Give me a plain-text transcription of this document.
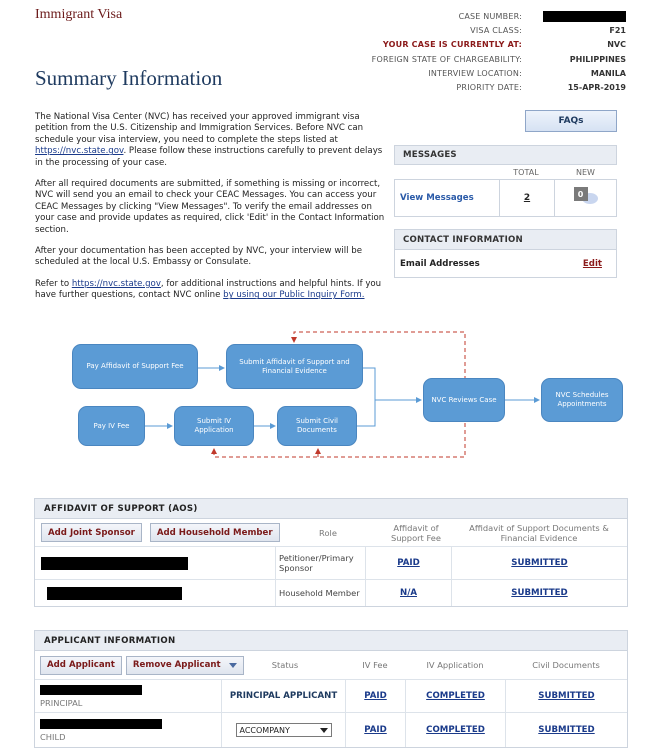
Immigrant Visa	CASE NUMBER:
VISA CLASS:	F21
YOUR CASE IS CURRENTLY AT:	NVC
FOREIGN STATE OF CHARGEABILITY:	PHILIPPINES
INTERVIEW LOCATION:	MANILA
PRIORITY DATE:	15-APR-2019
Summary Information

The National Visa Center (NVC) has received your approved immigrant visa petition from the U.S. Citizenship and Immigration Services. Before NVC can schedule your visa interview, you need to complete the steps listed at https://nvc.state.gov. Please follow these instructions carefully to prevent delays in the processing of your case.

After all required documents are submitted, if something is missing or incorrect, NVC will send you an email to check your CEAC Messages. You can access your CEAC Messages by clicking "View Messages". To verify the email addresses on your case and provide updates as required, click 'Edit' in the Contact Information section.

After your documentation has been accepted by NVC, your interview will be scheduled at the local U.S. Embassy or Consulate.

Refer to https://nvc.state.gov, for additional instructions and helpful hints. If you have further questions, contact NVC online by using our Public Inquiry Form.

FAQs
MESSAGES
TOTAL	NEW
View Messages	2	0
CONTACT INFORMATION
Email Addresses	Edit
Pay Affidavit of Support Fee
Submit Affidavit of Support and Financial Evidence
Pay IV Fee
Submit IV Application
Submit Civil Documents
NVC Reviews Case
NVC Schedules Appointments
AFFIDAVIT OF SUPPORT (AOS)
Add Joint Sponsor	Add Household Member	Role	Affidavit of Support Fee
Affidavit of Support Documents & Financial Evidence
Petitioner/Primary Sponsor	PAID	SUBMITTED
Household Member	N/A	SUBMITTED
APPLICANT INFORMATION
Add Applicant	Remove Applicant	Status	IV Fee	IV Application	Civil Documents
PRINCIPAL
PRINCIPAL APPLICANT	PAID	COMPLETED	SUBMITTED
CHILD
ACCOMPANY	PAID	COMPLETED	SUBMITTED
